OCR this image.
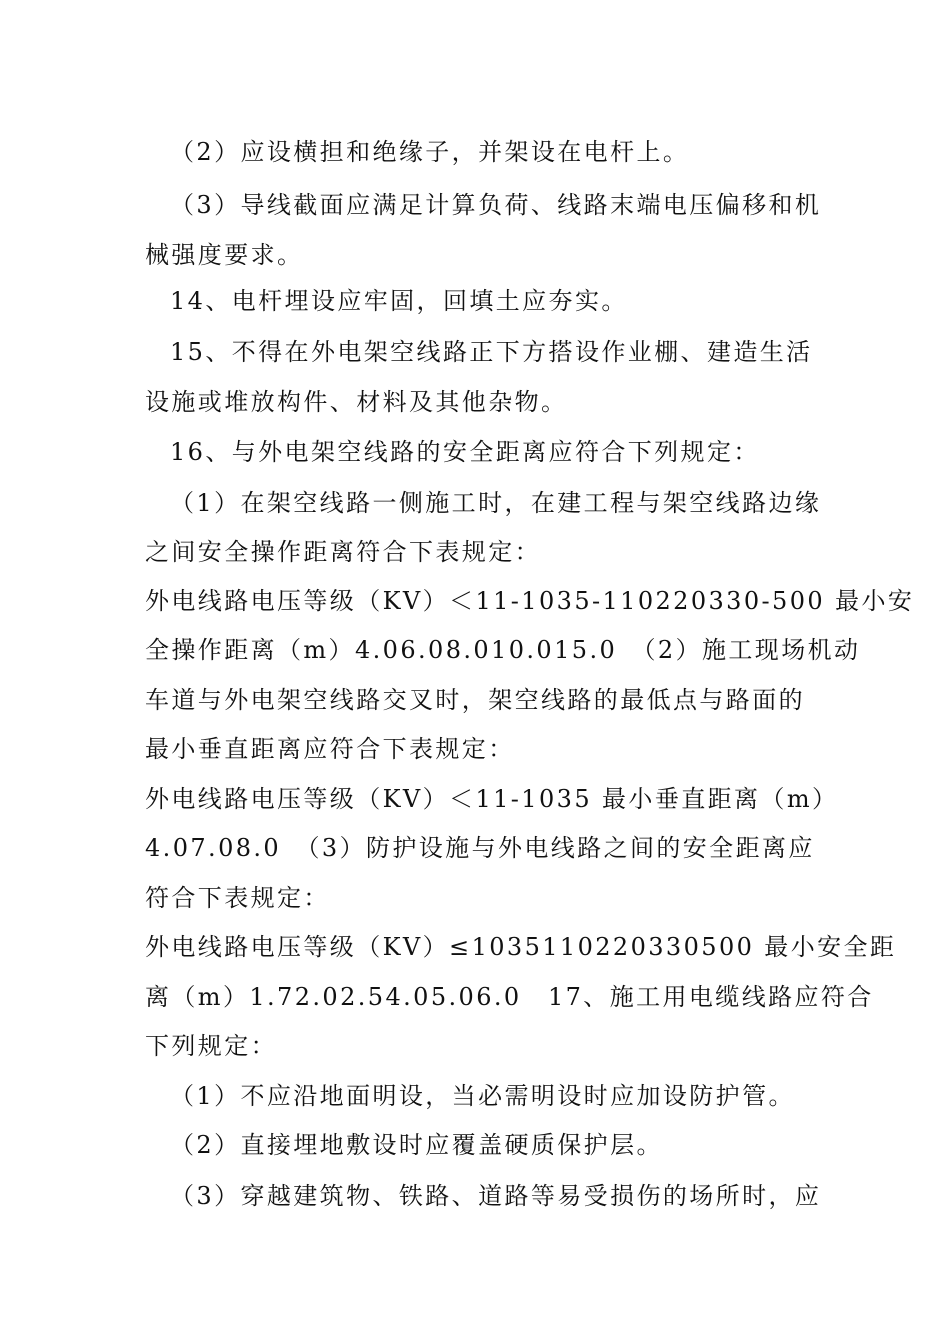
（2）应设横担和绝缘子，并架设在电杆上。
（3）导线截面应满足计算负荷、线路末端电压偏移和机
械强度要求。
14、电杆埋设应牢固，回填土应夯实。
15、不得在外电架空线路正下方搭设作业棚、建造生活
设施或堆放构件、材料及其他杂物。
16、与外电架空线路的安全距离应符合下列规定：
（1）在架空线路一侧施工时，在建工程与架空线路边缘
之间安全操作距离符合下表规定：
外电线路电压等级（KV）＜11-1035-110220330-500 最小安
全操作距离（m）4.06.08.010.015.0　（2）施工现场机动
车道与外电架空线路交叉时，架空线路的最低点与路面的
最小垂直距离应符合下表规定：
外电线路电压等级（KV）＜11-1035 最小垂直距离（m）
4.07.08.0　（3）防护设施与外电线路之间的安全距离应
符合下表规定：
外电线路电压等级（KV）≤1035110220330500 最小安全距
离（m）1.72.02.54.05.06.0　17、施工用电缆线路应符合
下列规定：
（1）不应沿地面明设，当必需明设时应加设防护管。
（2）直接埋地敷设时应覆盖硬质保护层。
（3）穿越建筑物、铁路、道路等易受损伤的场所时，应
